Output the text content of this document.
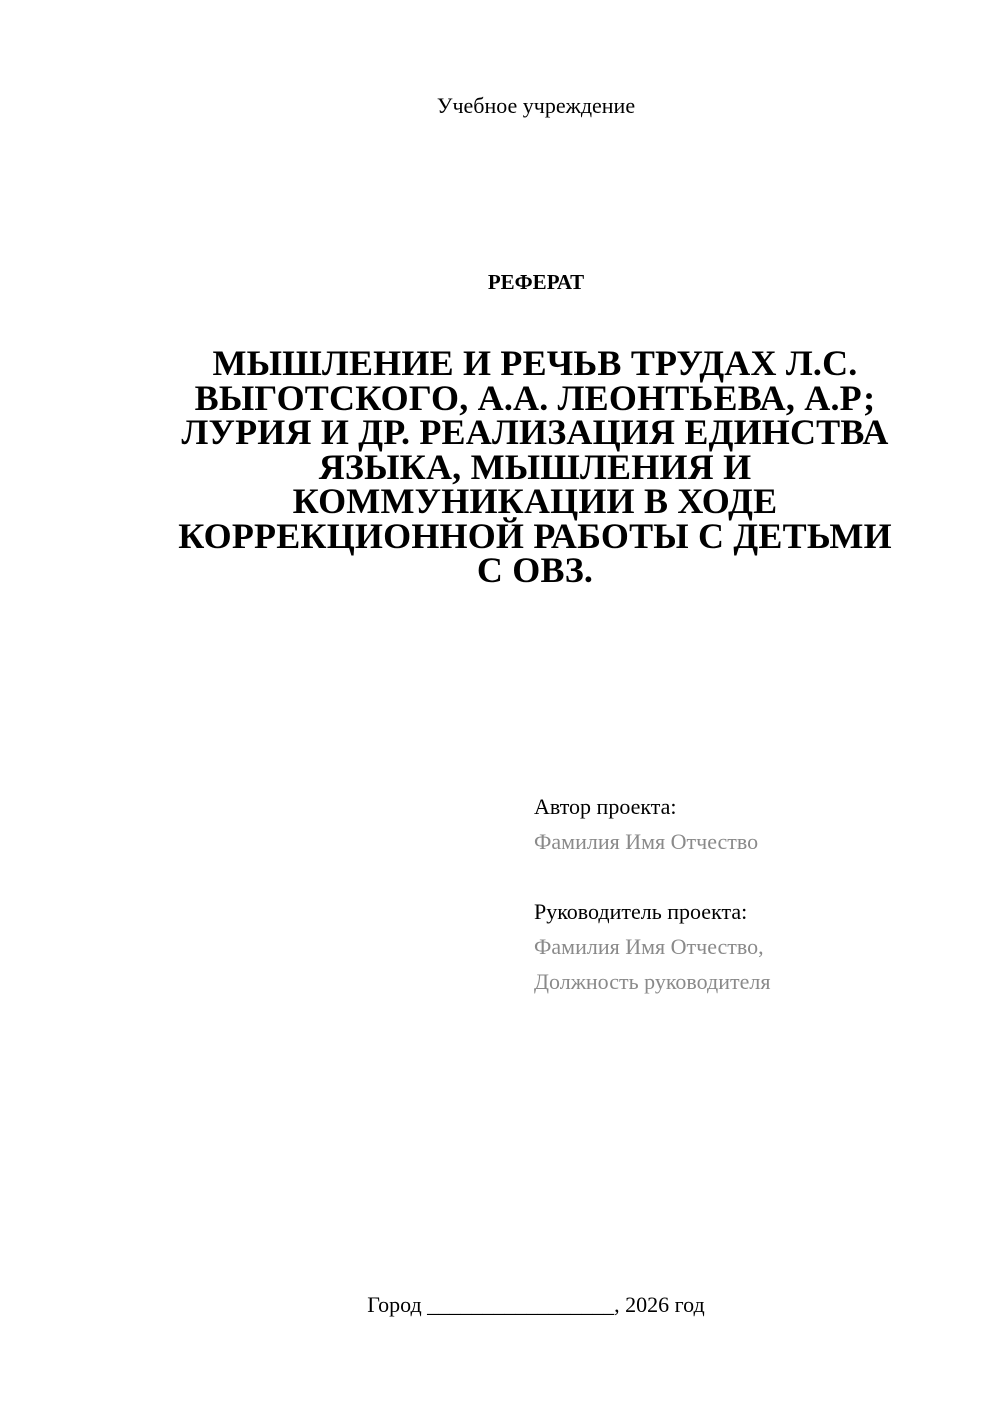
Учебное учреждение
РЕФЕРАТ
МЫШЛЕНИЕ И РЕЧЬВ ТРУДАХ Л.С.
ВЫГОТСКОГО, А.А. ЛЕОНТЬЕВА, А.Р;
ЛУРИЯ И ДР. РЕАЛИЗАЦИЯ ЕДИНСТВА
ЯЗЫКА, МЫШЛЕНИЯ И
КОММУНИКАЦИИ В ХОДЕ
КОРРЕКЦИОННОЙ РАБОТЫ С ДЕТЬМИ
С ОВЗ.
Автор проекта:
Фамилия Имя Отчество
Руководитель проекта:
Фамилия Имя Отчество,
Должность руководителя
Город _________________, 2026 год
